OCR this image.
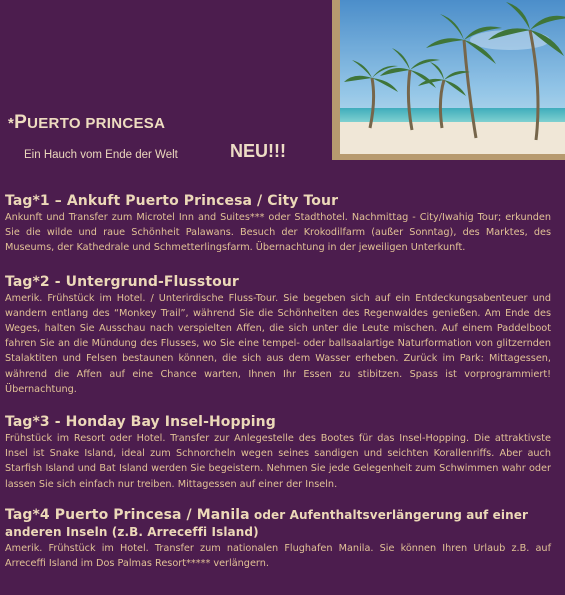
*PUERTO PRINCESA

Ein Hauch vom Ende der Welt	NEU!!!

Tag*1 – Ankuft Puerto Princesa / City Tour

Ankunft und Transfer zum Microtel Inn and Suites*** oder Stadthotel. Nachmittag - City/Iwahig Tour; erkunden Sie die wilde und raue Schönheit Palawans. Besuch der Krokodilfarm (außer Sonntag), des Marktes, des Museums, der Kathedrale und Schmetterlingsfarm. Übernachtung in der jeweiligen Unterkunft.

Tag*2 - Untergrund-Flusstour

Amerik. Frühstück im Hotel. / Unterirdische Fluss-Tour. Sie begeben sich auf ein Entdeckungsabenteuer und wandern entlang des “Monkey Trail”, während Sie die Schönheiten des Regenwaldes genießen. Am Ende des Weges, halten Sie Ausschau nach verspielten Affen, die sich unter die Leute mischen. Auf einem Paddelboot fahren Sie an die Mündung des Flusses, wo Sie eine tempel- oder ballsaalartige Naturformation von glitzernden Stalaktiten und Felsen bestaunen können, die sich aus dem Wasser erheben. Zurück im Park: Mittagessen, während die Affen auf eine Chance warten, Ihnen Ihr Essen zu stibitzen. Spass ist vorprogrammiert! Übernachtung.

Tag*3 - Honday Bay Insel-Hopping

Frühstück im Resort oder Hotel. Transfer zur Anlegestelle des Bootes für das Insel-Hopping. Die attraktivste Insel ist Snake Island, ideal zum Schnorcheln wegen seines sandigen und seichten Korallenriffs. Aber auch Starfish Island und Bat Island werden Sie begeistern. Nehmen Sie jede Gelegenheit zum Schwimmen wahr oder lassen Sie sich einfach nur treiben. Mittagessen auf einer der Inseln.

Tag*4 Puerto Princesa / Manila oder Aufenthaltsverlängerung auf einer anderen Inseln (z.B. Arreceffi Island)

Amerik. Frühstück im Hotel. Transfer zum nationalen Flughafen Manila. Sie können Ihren Urlaub z.B. auf Arreceffi Island im Dos Palmas Resort***** verlängern.
